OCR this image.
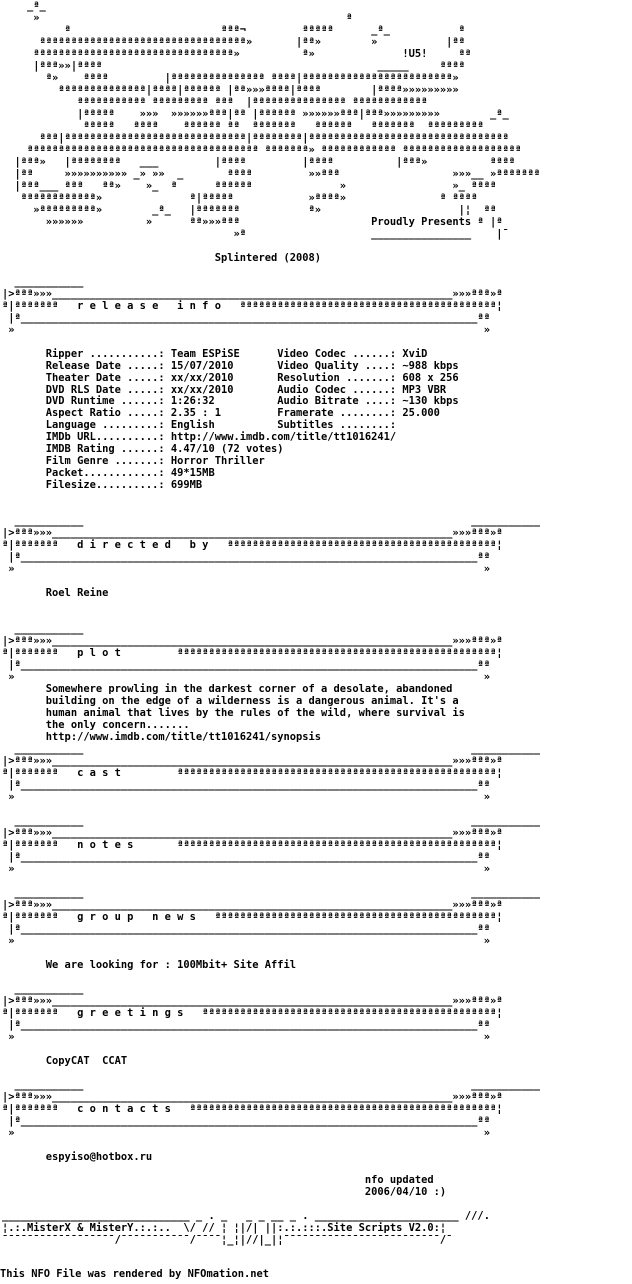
_ª_
»                                                 ª
ª                        ªªª¬         ªªªªª      _ª_           ª
ªªªªªªªªªªªªªªªªªªªªªªªªªªªªªªªªª»       |ªª»        »           |ªª
ªªªªªªªªªªªªªªªªªªªªªªªªªªªªªªªª»          ª»              !U5!     ªª
|ªªª»»|ªªªª                                            _____     ªªªª
ª»    ªªªª         |ªªªªªªªªªªªªªªª ªªªª|ªªªªªªªªªªªªªªªªªªªªªªªª»
ªªªªªªªªªªªªªª|ªªªª|ªªªªªª |ªª»»»ªªªª|ªªªª        |ªªªª»»»»»»»»»
ªªªªªªªªªªª ªªªªªªªªª ªªª  |ªªªªªªªªªªªªªªª ªªªªªªªªªªªª
|ªªªªª    »»»  »»»»»»ªªª|ªª |ªªªªªª »»»»»»ªªª|ªªª»»»»»»»»»        _ª_
ªªªªª   ªªªª    ªªªªªª ªª  ªªªªªªª   ªªªªªª   ªªªªªªª  ªªªªªªªªª
ªªª|ªªªªªªªªªªªªªªªªªªªªªªªªªªªªª|ªªªªªªªª|ªªªªªªªªªªªªªªªªªªªªªªªªªªªªªªªª
ªªªªªªªªªªªªªªªªªªªªªªªªªªªªªªªªªªªªª ªªªªªªª» ªªªªªªªªªªªª ªªªªªªªªªªªªªªªªªªª
|ªªª»   |ªªªªªªªª   ___         |ªªªª         |ªªªª          |ªªª»          ªªªª
|ªª     »»»»»»»»»» _» »»  _       ªªªª         »»ªªª                  »»»__ »ªªªªªªª
|ªªª___ ªªª   ªª»    »_  ª      ªªªªªª              »                 »_ ªªªª
ªªªªªªªªªªªª»              ª|ªªªªª            »ªªªª»               ª ªªªª
»ªªªªªªªªª»        _ª_   |ªªªªªªª           ª»                      |¦  ªª
»»»»»»          »      ªª»»»ªªª                     Proudly Presents ª |ª
»ª                    ________________    |¯

Splintered (2008)

___________
|>ªªª»»»________________________________________________________________»»»ªªª»ª
ª|ªªªªªªª   r e l e a s e   i n f o   ªªªªªªªªªªªªªªªªªªªªªªªªªªªªªªªªªªªªªªªªª¦
|ª_________________________________________________________________________ªª
»                                                                           »

Ripper ...........: Team ESPiSE      Video Codec ......: XviD
Release Date .....: 15/07/2010       Video Quality ....: ~988 kbps
Theater Date .....: xx/xx/2010       Resolution .......: 608 x 256
DVD RLS Date .....: xx/xx/2010       Audio Codec ......: MP3 VBR
DVD Runtime ......: 1:26:32          Audio Bitrate ....: ~130 kbps
Aspect Ratio .....: 2.35 : 1         Framerate ........: 25.000
Language .........: English          Subtitles ........:
IMDb URL..........: http://www.imdb.com/title/tt1016241/
IMDB Rating ......: 4.47/10 (72 votes)
Film Genre .......: Horror Thriller
Packet............: 49*15MB
Filesize..........: 699MB

___________                                                              ___________
|>ªªª»»»________________________________________________________________»»»ªªª»ª
ª|ªªªªªªª   d i r e c t e d   b y   ªªªªªªªªªªªªªªªªªªªªªªªªªªªªªªªªªªªªªªªªªªª¦
|ª_________________________________________________________________________ªª
»                                                                           »

Roel Reine

___________
|>ªªª»»»________________________________________________________________»»»ªªª»ª
ª|ªªªªªªª   p l o t         ªªªªªªªªªªªªªªªªªªªªªªªªªªªªªªªªªªªªªªªªªªªªªªªªªªª¦
|ª_________________________________________________________________________ªª
»                                                                           »
Somewhere prowling in the darkest corner of a desolate, abandoned
building on the edge of a wilderness is a dangerous animal. It's a
human animal that lives by the rules of the wild, where survival is
the only concern.......
http://www.imdb.com/title/tt1016241/synopsis
___________                                                              ___________
|>ªªª»»»________________________________________________________________»»»ªªª»ª
ª|ªªªªªªª   c a s t         ªªªªªªªªªªªªªªªªªªªªªªªªªªªªªªªªªªªªªªªªªªªªªªªªªªª¦
|ª_________________________________________________________________________ªª
»                                                                           »

___________                                                              ___________
|>ªªª»»»________________________________________________________________»»»ªªª»ª
ª|ªªªªªªª   n o t e s       ªªªªªªªªªªªªªªªªªªªªªªªªªªªªªªªªªªªªªªªªªªªªªªªªªªª¦
|ª_________________________________________________________________________ªª
»                                                                           »

___________                                                              ___________
|>ªªª»»»________________________________________________________________»»»ªªª»ª
ª|ªªªªªªª   g r o u p   n e w s   ªªªªªªªªªªªªªªªªªªªªªªªªªªªªªªªªªªªªªªªªªªªªª¦
|ª_________________________________________________________________________ªª
»                                                                           »

We are looking for : 100Mbit+ Site Affil

___________
|>ªªª»»»________________________________________________________________»»»ªªª»ª
ª|ªªªªªªª   g r e e t i n g s   ªªªªªªªªªªªªªªªªªªªªªªªªªªªªªªªªªªªªªªªªªªªªªªª¦
|ª_________________________________________________________________________ªª
»                                                                           »

CopyCAT  CCAT

___________                                                              ___________
|>ªªª»»»________________________________________________________________»»»ªªª»ª
ª|ªªªªªªª   c o n t a c t s   ªªªªªªªªªªªªªªªªªªªªªªªªªªªªªªªªªªªªªªªªªªªªªªªªª¦
|ª_________________________________________________________________________ªª
»                                                                           »

espyiso@hotbox.ru

nfo updated
2006/04/10 :)

______________________________ _ . _   _ _ __ _ . _______________________ ///.
¦.:.MisterX & MisterY.:.:..  \/ // ¦ ¦|/| ||:.:.:::.Site Scripts V2.0:¦
¯¯¯¯¯¯¯¯¯¯¯¯¯¯¯¯¯¯/¯¯¯¯¯¯¯¯¯¯¯/¯¯¯¯¦_¦|//|_|¦¯¯¯¯¯¯¯¯¯¯¯¯¯¯¯¯¯¯¯¯¯¯¯¯¯/¯

This NFO File was rendered by NFOmation.net
